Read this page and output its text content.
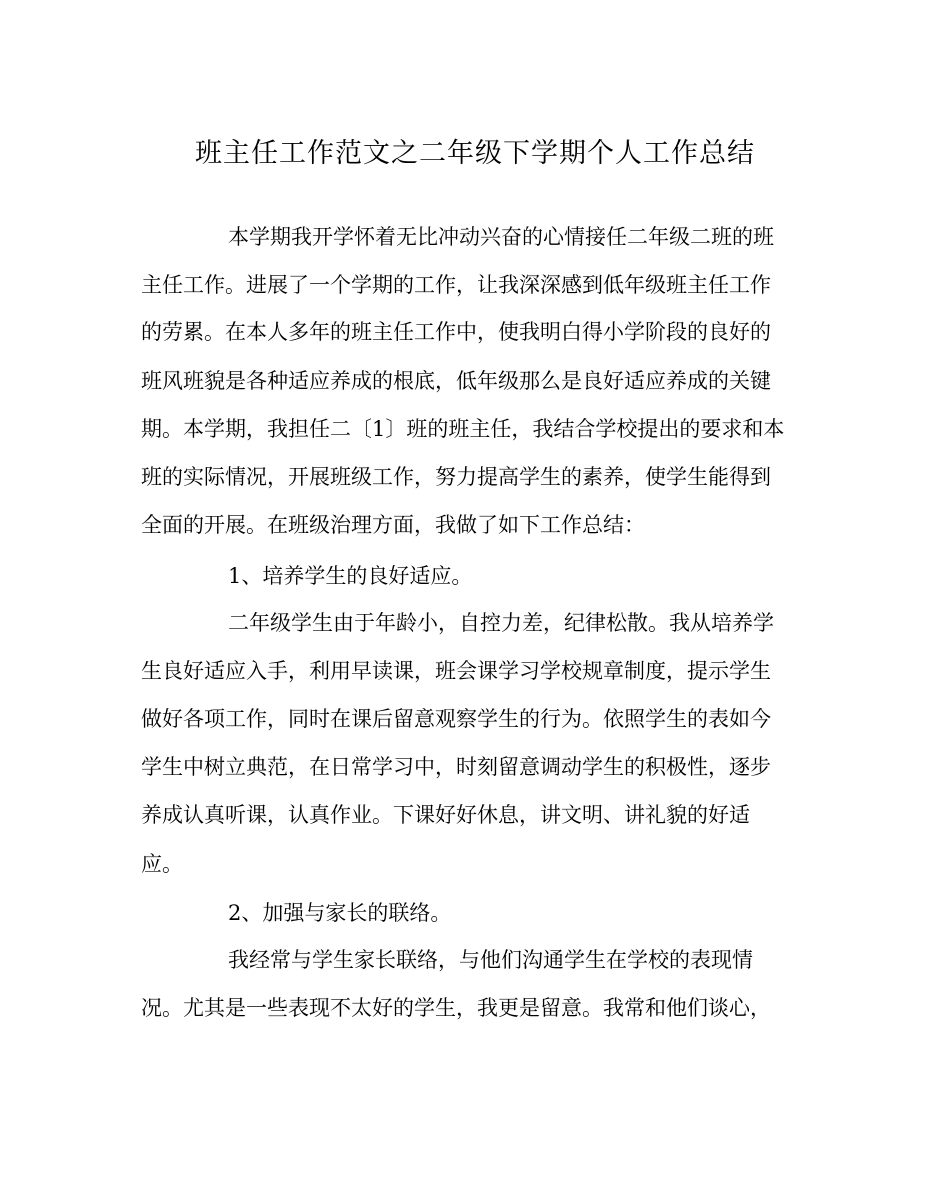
班主任工作范文之二年级下学期个人工作总结
本学期我开学怀着无比冲动兴奋的心情接任二年级二班的班
主任工作。进展了一个学期的工作，让我深深感到低年级班主任工作
的劳累。在本人多年的班主任工作中，使我明白得小学阶段的良好的
班风班貌是各种适应养成的根底，低年级那么是良好适应养成的关键
期。本学期，我担任二〔1〕班的班主任，我结合学校提出的要求和本
班的实际情况，开展班级工作，努力提高学生的素养，使学生能得到
全面的开展。在班级治理方面，我做了如下工作总结：
1、培养学生的良好适应。
二年级学生由于年龄小，自控力差，纪律松散。我从培养学
生良好适应入手，利用早读课，班会课学习学校规章制度，提示学生
做好各项工作，同时在课后留意观察学生的行为。依照学生的表如今
学生中树立典范，在日常学习中，时刻留意调动学生的积极性，逐步
养成认真听课，认真作业。下课好好休息，讲文明、讲礼貌的好适
应。
2、加强与家长的联络。
我经常与学生家长联络，与他们沟通学生在学校的表现情
况。尤其是一些表现不太好的学生，我更是留意。我常和他们谈心，
